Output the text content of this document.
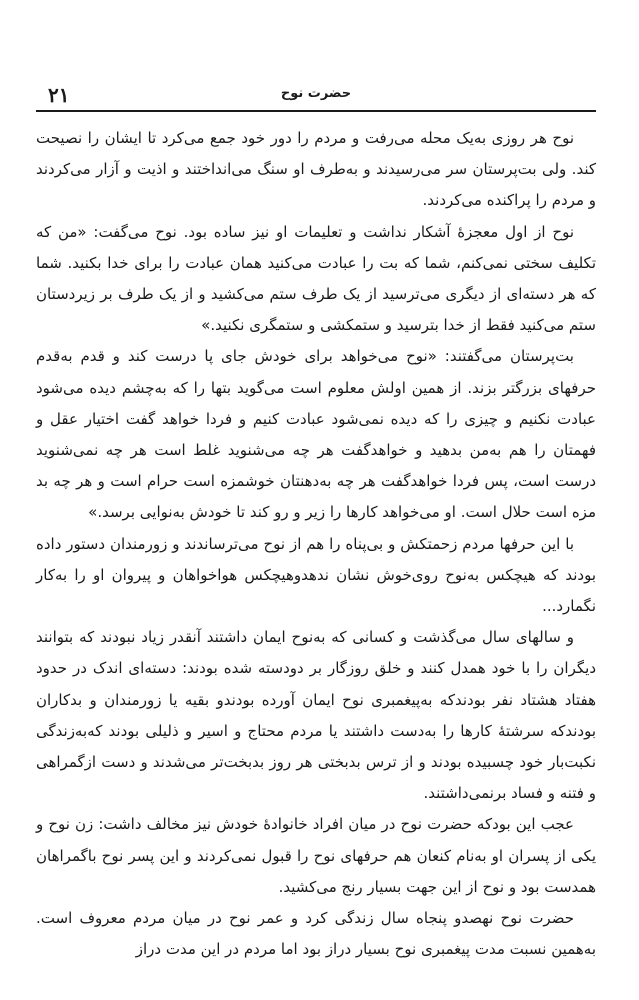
۲۱	حضرت نوح

نوح هر روزی به‌یک محله می‌رفت و مردم را دور خود جمع می‌کرد تا ایشان را نصیحت کند. ولی بت‌پرستان سر می‌رسیدند و به‌طرف او سنگ می‌انداختند و اذیت و آزار می‌کردند و مردم را پراکنده می‌کردند.

نوح از اول معجزهٔ آشکار نداشت و تعلیمات او نیز ساده بود. نوح می‌گفت: «من که تکلیف سختی نمی‌کنم، شما که بت را عبادت می‌کنید همان عبادت را برای خدا بکنید. شما که هر دسته‌ای از دیگری می‌ترسید از یک طرف ستم می‌کشید و از یک طرف بر زیردستان ستم می‌کنید فقط از خدا بترسید و ستمکشی و ستمگری نکنید.»

بت‌پرستان می‌گفتند: «نوح می‌خواهد برای خودش جای پا درست کند و قدم به‌قدم حرفهای بزرگتر بزند. از همین اولش معلوم است می‌گوید بتها را که به‌چشم دیده می‌شود عبادت نکنیم و چیزی را که دیده نمی‌شود عبادت کنیم و فردا خواهد گفت اختیار عقل و فهمتان را هم به‌من بدهید و خواهدگفت هر چه می‌شنوید غلط است هر چه نمی‌شنوید درست است، پس فردا خواهدگفت هر چه به‌دهنتان خوشمزه است حرام است و هر چه بد مزه است حلال است. او می‌خواهد کارها را زیر و رو کند تا خودش به‌نوایی برسد.»

با این حرفها مردم زحمتکش و بی‌پناه را هم از نوح می‌ترساندند و زورمندان دستور داده بودند که هیچکس به‌نوح روی‌خوش نشان ندهدوهیچکس هواخواهان و پیروان او را به‌کار نگمارد...

و سالهای سال می‌گذشت و کسانی که به‌نوح ایمان داشتند آنقدر زیاد نبودند که بتوانند دیگران را با خود همدل کنند و خلق روزگار بر دودسته شده بودند: دسته‌ای اندک در حدود هفتاد هشتاد نفر بودندکه به‌پیغمبری نوح ایمان آورده بودندو بقیه یا زورمندان و بدکاران بودندکه سرشتهٔ کارها را به‌دست داشتند یا مردم محتاج و اسیر و ذلیلی بودند که‌به‌زندگی نکبت‌بار خود چسبیده بودند و از ترس بدبختی هر روز بدبخت‌تر می‌شدند و دست ازگمراهی و فتنه و فساد برنمی‌داشتند.

عجب این بودکه حضرت نوح در میان افراد خانوادهٔ خودش نیز مخالف داشت: زن نوح و یکی از پسران او به‌نام کنعان هم حرفهای نوح را قبول نمی‌کردند و این پسر نوح باگمراهان همدست بود و نوح از این جهت بسیار رنج می‌کشید.

حضرت نوح نهصدو پنجاه سال زندگی کرد و عمر نوح در میان مردم معروف است. به‌همین نسبت مدت پیغمبری نوح بسیار دراز بود اما مردم در این مدت دراز
